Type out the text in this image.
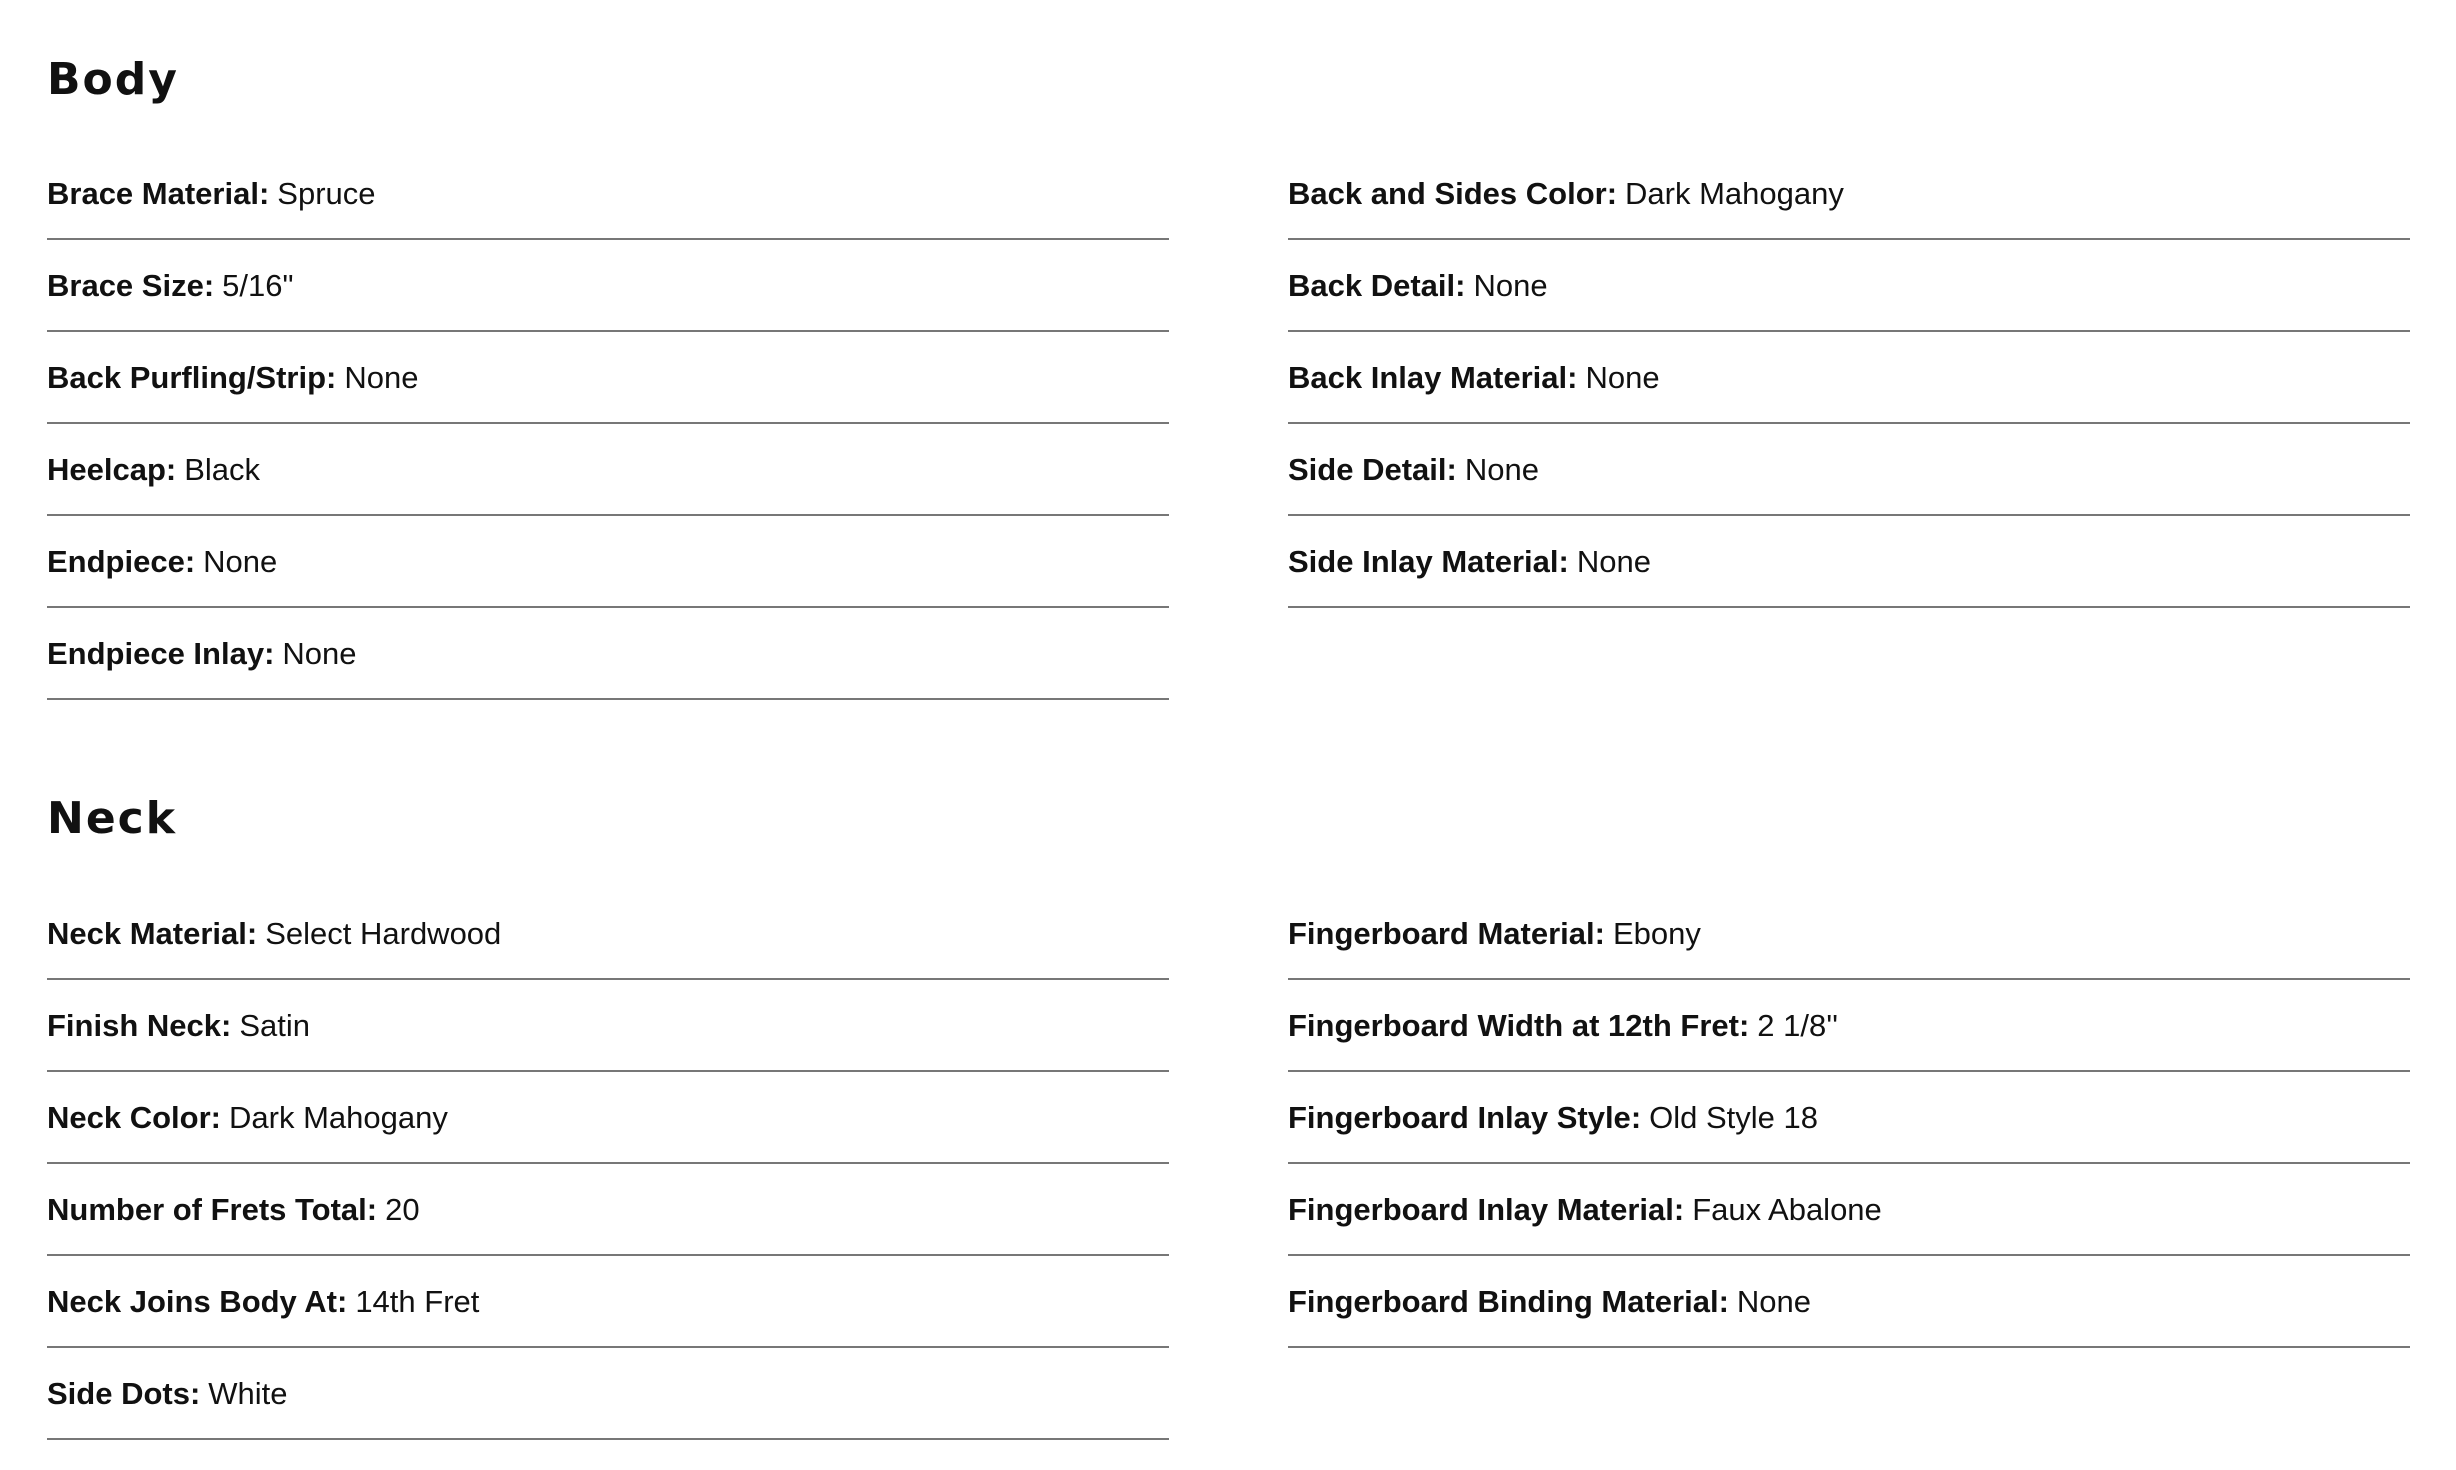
Body
Brace Material : Spruce
Brace Size : 5/16"
Back Purfling/Strip : None
Heelcap : Black
Endpiece : None
Endpiece Inlay : None
Back and Sides Color : Dark Mahogany
Back Detail : None
Back Inlay Material : None
Side Detail : None
Side Inlay Material : None
Neck
Neck Material : Select Hardwood
Finish Neck : Satin
Neck Color : Dark Mahogany
Number of Frets Total : 20
Neck Joins Body At : 14th Fret
Side Dots : White
Fingerboard Material : Ebony
Fingerboard Width at 12th Fret : 2 1/8''
Fingerboard Inlay Style : Old Style 18
Fingerboard Inlay Material : Faux Abalone
Fingerboard Binding Material : None
